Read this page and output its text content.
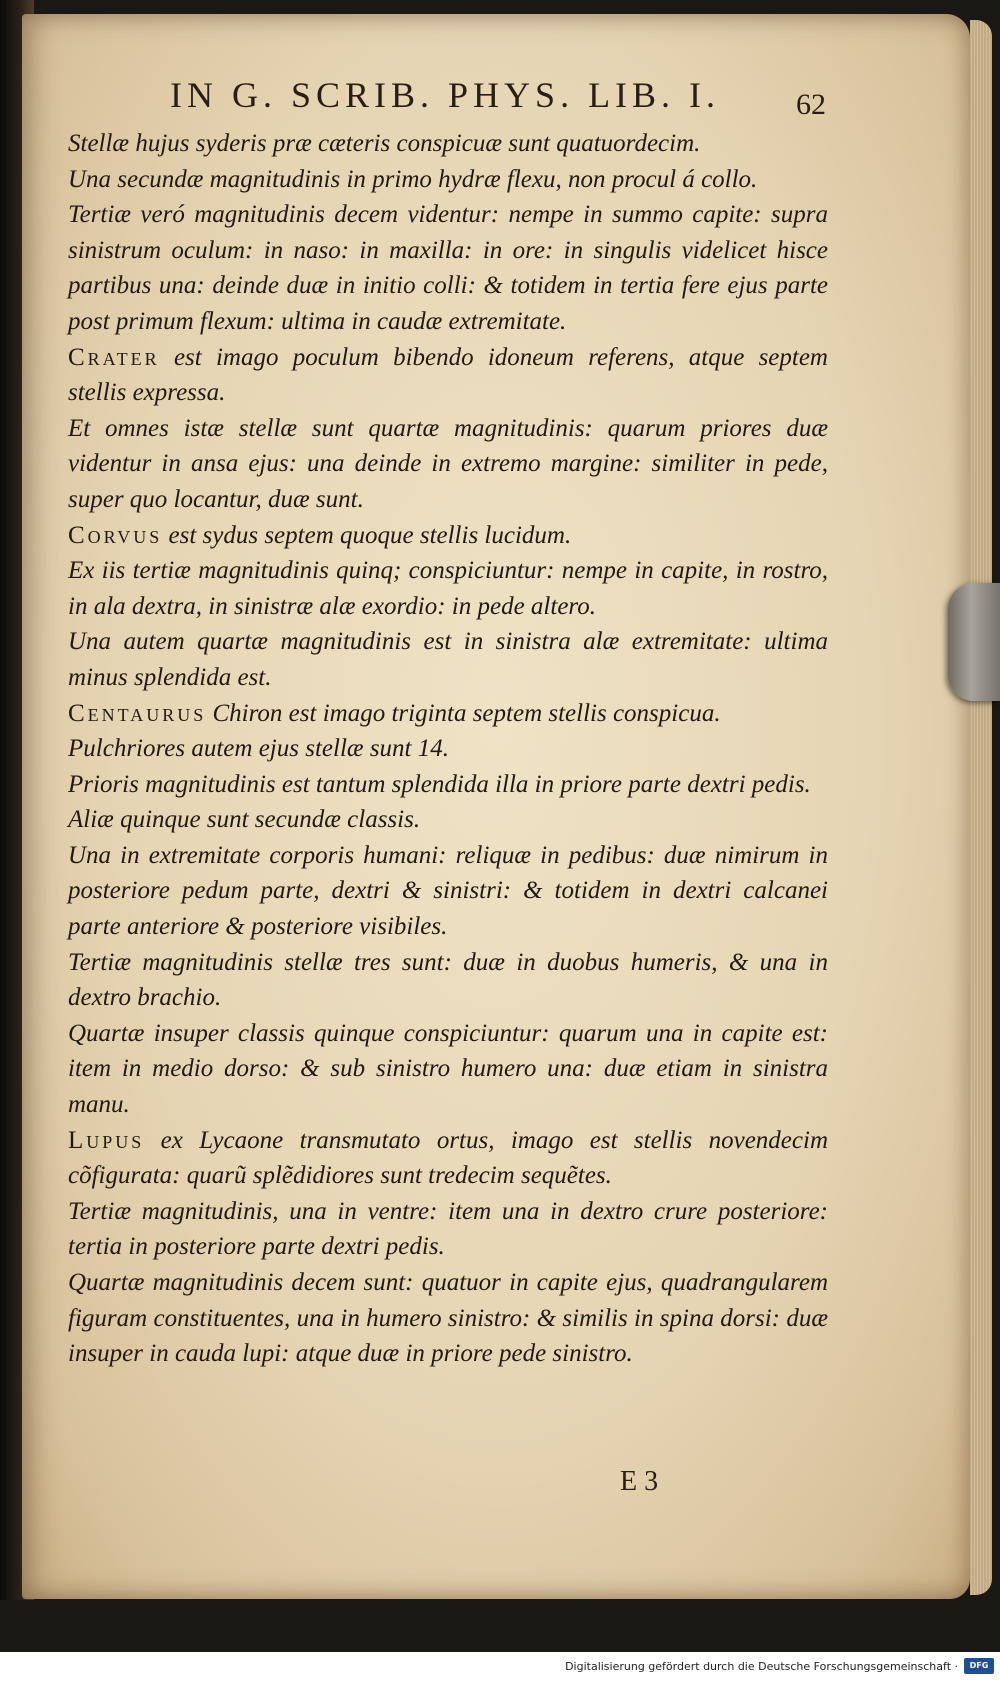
IN G. SCRIB. PHYS. LIB. I.	62

Stellæ hujus syderis præ cæteris conspicuæ sunt quatuordecim.

Una secundæ magnitudinis in primo hydræ flexu, non procul á collo.

Tertiæ veró magnitudinis decem videntur: nempe in summo capite: supra sinistrum oculum: in naso: in maxilla: in ore: in singulis videlicet hisce partibus una: deinde duæ in initio colli: & totidem in tertia fere ejus parte post primum flexum: ultima in caudæ extremitate.

Crater est imago poculum bibendo idoneum referens, atque septem stellis expressa.

Et omnes istæ stellæ sunt quartæ magnitudinis: quarum priores duæ videntur in ansa ejus: una deinde in extremo margine: similiter in pede, super quo locantur, duæ sunt.

Corvus est sydus septem quoque stellis lucidum.

Ex iis tertiæ magnitudinis quinq; conspiciuntur: nempe in capite, in rostro, in ala dextra, in sinistræ alæ exordio: in pede altero.

Una autem quartæ magnitudinis est in sinistra alæ extremitate: ultima minus splendida est.

Centaurus Chiron est imago triginta septem stellis conspicua.

Pulchriores autem ejus stellæ sunt 14.

Prioris magnitudinis est tantum splendida illa in priore parte dextri pedis.

Aliæ quinque sunt secundæ classis.

Una in extremitate corporis humani: reliquæ in pedibus: duæ nimirum in posteriore pedum parte, dextri & sinistri: & totidem in dextri calcanei parte anteriore & posteriore visibiles.

Tertiæ magnitudinis stellæ tres sunt: duæ in duobus humeris, & una in dextro brachio.

Quartæ insuper classis quinque conspiciuntur: quarum una in capite est: item in medio dorso: & sub sinistro humero una: duæ etiam in sinistra manu.

Lupus ex Lycaone transmutato ortus, imago est stellis novendecim cõfigurata: quarũ splẽdidiores sunt tredecim sequẽtes.

Tertiæ magnitudinis, una in ventre: item una in dextro crure posteriore: tertia in posteriore parte dextri pedis.

Quartæ magnitudinis decem sunt: quatuor in capite ejus, quadrangularem figuram constituentes, una in humero sinistro: & similis in spina dorsi: duæ insuper in cauda lupi: atque duæ in priore pede sinistro.

E 3
Digitalisierung gefördert durch die Deutsche Forschungsgemeinschaft ·	DFG
